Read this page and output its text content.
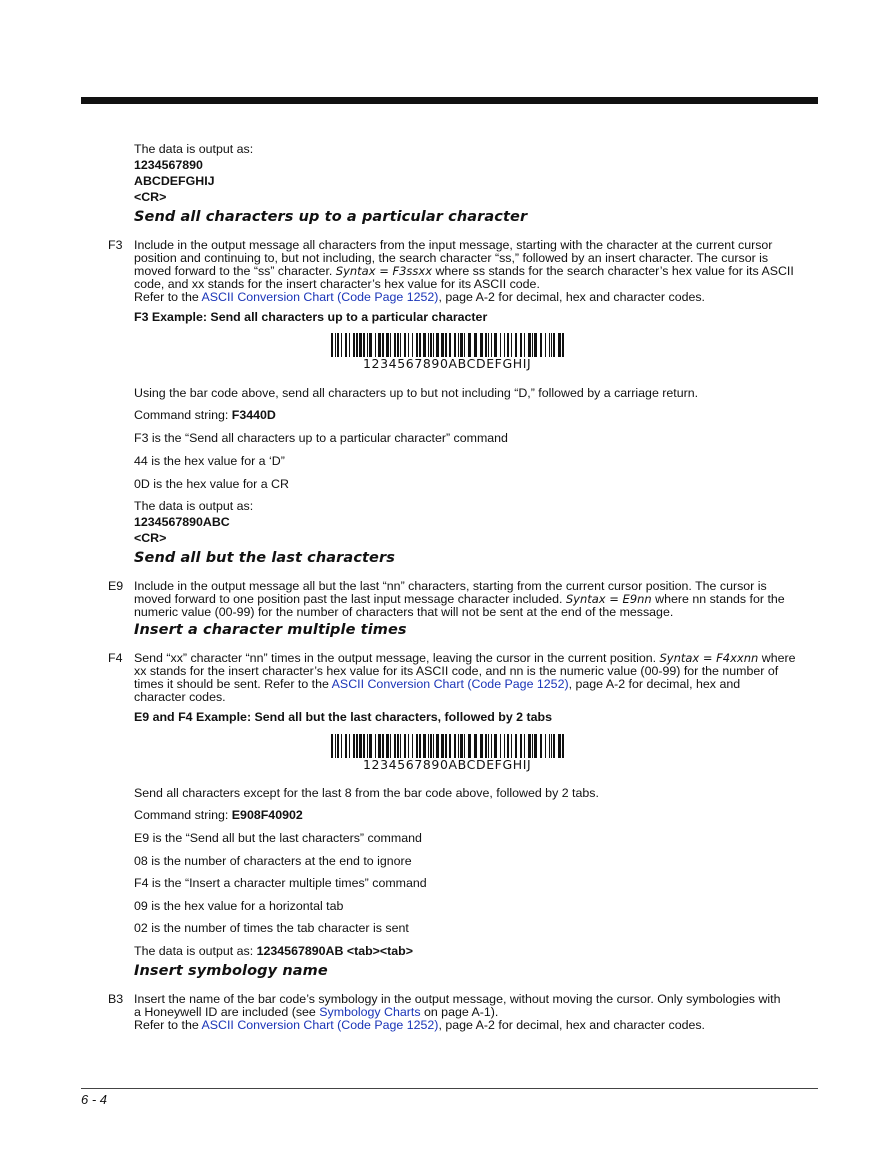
The data is output as:
1234567890
ABCDEFGHIJ
<CR>
Send all characters up to a particular character
F3 Include in the output message all characters from the input message, starting with the character at the current cursor
position and continuing to, but not including, the search character “ss,” followed by an insert character. The cursor is
moved forward to the “ss” character. Syntax = F3ssxx where ss stands for the search character’s hex value for its ASCII
code, and xx stands for the insert character’s hex value for its ASCII code.
Refer to the ASCII Conversion Chart (Code Page 1252), page A-2 for decimal, hex and character codes.
F3 Example: Send all characters up to a particular character
1234567890ABCDEFGHIJ
Using the bar code above, send all characters up to but not including “D,” followed by a carriage return.
Command string: F3440D
F3 is the “Send all characters up to a particular character” command
44 is the hex value for a ‘D”
0D is the hex value for a CR
The data is output as:
1234567890ABC
<CR>
Send all but the last characters
E9 Include in the output message all but the last “nn” characters, starting from the current cursor position. The cursor is
moved forward to one position past the last input message character included. Syntax = E9nn where nn stands for the
numeric value (00-99) for the number of characters that will not be sent at the end of the message.
Insert a character multiple times
F4 Send “xx” character “nn” times in the output message, leaving the cursor in the current position. Syntax = F4xxnn where
xx stands for the insert character’s hex value for its ASCII code, and nn is the numeric value (00-99) for the number of
times it should be sent. Refer to the ASCII Conversion Chart (Code Page 1252), page A-2 for decimal, hex and
character codes.
E9 and F4 Example: Send all but the last characters, followed by 2 tabs
1234567890ABCDEFGHIJ
Send all characters except for the last 8 from the bar code above, followed by 2 tabs.
Command string: E908F40902
E9 is the “Send all but the last characters” command
08 is the number of characters at the end to ignore
F4 is the “Insert a character multiple times” command
09 is the hex value for a horizontal tab
02 is the number of times the tab character is sent
The data is output as: 1234567890AB <tab><tab>
Insert symbology name
B3 Insert the name of the bar code’s symbology in the output message, without moving the cursor. Only symbologies with
a Honeywell ID are included (see Symbology Charts on page A-1).
Refer to the ASCII Conversion Chart (Code Page 1252), page A-2 for decimal, hex and character codes.
6 - 4
